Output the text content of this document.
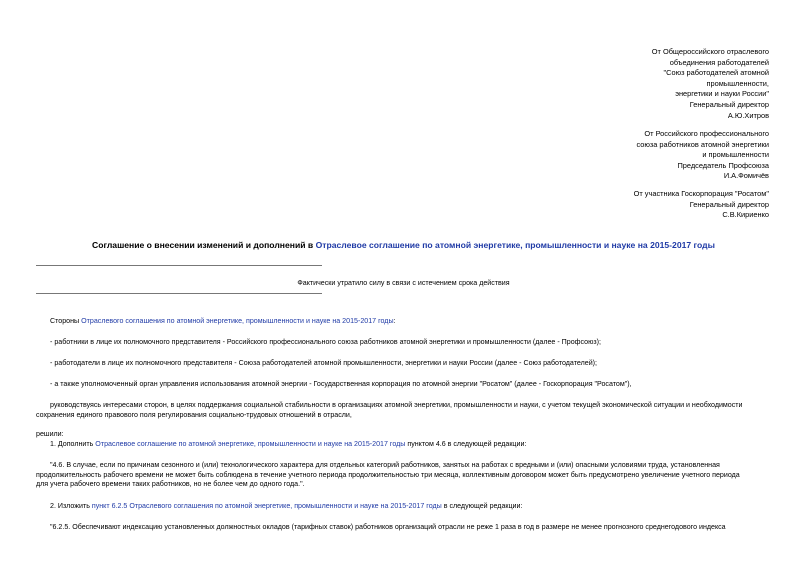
От Общероссийского отраслевого
объединения работодателей
"Союз работодателей атомной
промышленности,
энергетики и науки России"
Генеральный директор
А.Ю.Хитров
От Российского профессионального
союза работников атомной энергетики
и промышленности
Председатель Профсоюза
И.А.Фомичёв
От участника Госкорпорация "Росатом"
Генеральный директор
С.В.Кириенко
Соглашение о внесении изменений и дополнений в Отраслевое соглашение по атомной энергетике, промышленности и науке на 2015-2017 годы
Фактически утратило силу в связи с истечением срока действия
Стороны Отраслевого соглашения по атомной энергетике, промышленности и науке на 2015-2017 годы:
- работники в лице их полномочного представителя - Российского профессионального союза работников атомной энергетики и промышленности (далее - Профсоюз);
- работодатели в лице их полномочного представителя - Союза работодателей атомной промышленности, энергетики и науки России (далее - Союз работодателей);
- а также уполномоченный орган управления использования атомной энергии - Государственная корпорация по атомной энергии "Росатом" (далее - Госкорпорация "Росатом"),
руководствуясь интересами сторон, в целях поддержания социальной стабильности в организациях атомной энергетики, промышленности и науки, с учетом текущей экономической ситуации и необходимости
сохранения единого правового поля регулирования социально-трудовых отношений в отрасли,
решили:
1. Дополнить Отраслевое соглашение по атомной энергетике, промышленности и науке на 2015-2017 годы пунктом 4.6 в следующей редакции:
"4.6. В случае, если по причинам сезонного и (или) технологического характера для отдельных категорий работников, занятых на работах с вредными и (или) опасными условиями труда, установленная
продолжительность рабочего времени не может быть соблюдена в течение учетного периода продолжительностью три месяца, коллективным договором может быть предусмотрено увеличение учетного периода
для учета рабочего времени таких работников, но не более чем до одного года.".
2. Изложить пункт 6.2.5 Отраслевого соглашения по атомной энергетике, промышленности и науке на 2015-2017 годы в следующей редакции:
"6.2.5. Обеспечивают индексацию установленных должностных окладов (тарифных ставок) работников организаций отрасли не реже 1 раза в год в размере не менее прогнозного среднегодового индекса
